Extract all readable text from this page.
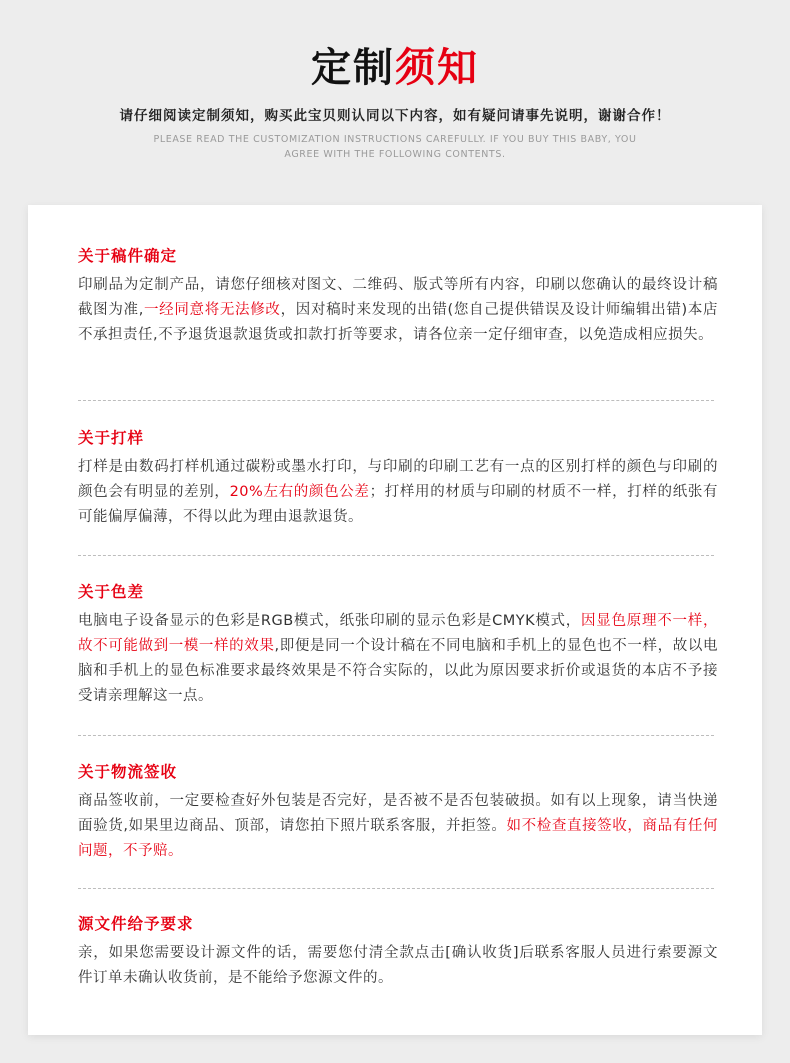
定制须知
请仔细阅读定制须知，购买此宝贝则认同以下内容，如有疑问请事先说明，谢谢合作！
PLEASE READ THE CUSTOMIZATION INSTRUCTIONS CAREFULLY. IF YOU BUY THIS BABY, YOU
AGREE WITH THE FOLLOWING CONTENTS.
关于稿件确定
印刷品为定制产品，请您仔细核对图文、二维码、版式等所有内容，印刷以您确认的最终设计稿截图为准,一经同意将无法修改，因对稿时来发现的出错(您自己提供错误及设计师编辑出错)本店不承担责任,不予退货退款退货或扣款打折等要求，请各位亲一定仔细审查，以免造成相应损失。
关于打样
打样是由数码打样机通过碳粉或墨水打印，与印刷的印刷工艺有一点的区别打样的颜色与印刷的颜色会有明显的差别，20%左右的颜色公差；打样用的材质与印刷的材质不一样，打样的纸张有可能偏厚偏薄，不得以此为理由退款退货。
关于色差
电脑电子设备显示的色彩是RGB模式，纸张印刷的显示色彩是CMYK模式，因显色原理不一样，故不可能做到一模一样的效果,即便是同一个设计稿在不同电脑和手机上的显色也不一样，故以电脑和手机上的显色标准要求最终效果是不符合实际的，以此为原因要求折价或退货的本店不予接受请亲理解这一点。
关于物流签收
商品签收前，一定要检查好外包装是否完好，是否被不是否包装破损。如有以上现象，请当快递面验货,如果里边商品、顶部，请您拍下照片联系客服，并拒签。如不检查直接签收，商品有任何问题，不予赔。
源文件给予要求
亲，如果您需要设计源文件的话，需要您付清全款点击[确认收货]后联系客服人员进行索要源文件订单未确认收货前，是不能给予您源文件的。
